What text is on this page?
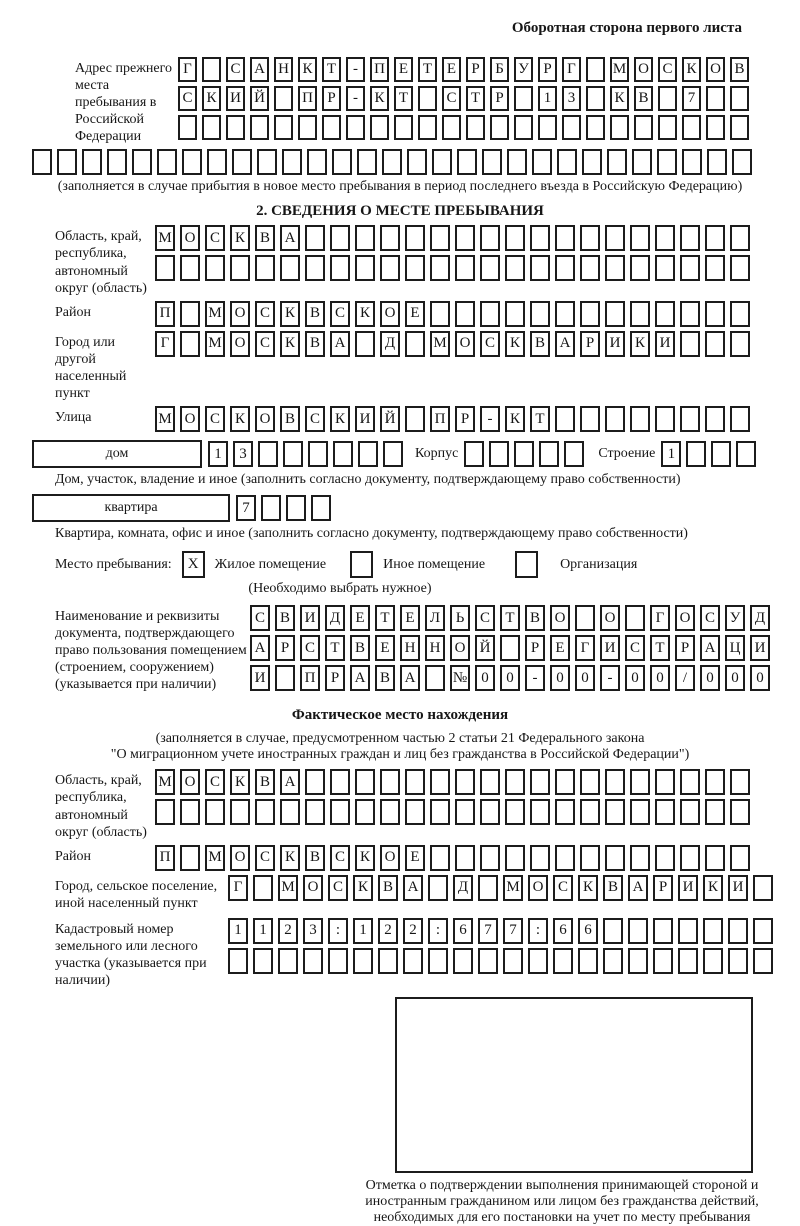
Оборотная сторона первого листа
Адрес прежнего места пребывания в Российской Федерации
Г	С А Н К Т	-	П Е Т Е	Р	Б У Р	Г	М О С К О В
С К И Й П Р	-	К Т	С Т	Р	1	3	К В	7
(заполняется в случае прибытия в новое место пребывания в период последнего въезда в Российскую Федерацию)
2. СВЕДЕНИЯ О МЕСТЕ ПРЕБЫВАНИЯ
Область, край, республика, автономный округ (область)
М О С К В А
Район	П	М О С К В С К О Е
Город или другой населенный пункт
Г	М О С К В А	Д	М О С К В А	Р	И К И
Улица	М О С К О В С К И Й	П	Р	-	К	Т
дом	1	3	Корпус	Строение 1
Дом, участок, владение и иное (заполнить согласно документу, подтверждающему право собственности)
квартира	7
Квартира, комната, офис и иное (заполнить согласно документу, подтверждающему право собственности)
Место пребывания:	X	Жилое помещение	Иное помещение	Организация
(Необходимо выбрать нужное)
Наименование и реквизиты документа, подтверждающего право пользования помещением (строением, сооружением) (указывается при наличии)
С В И Д	Е	Т	Е	Л	Ь	С	Т	В О	О	Г	О С У Д
А	Р	С	Т	В	Е	Н Н О Й	Р	Е	Г	И С	Т	Р	А Ц И
И	П	Р	А В А	№ 0	0	-	0	0	-	0	0	/	0	0	0
Фактическое место нахождения
(заполняется в случае, предусмотренном частью 2 статьи 21 Федерального закона
"О миграционном учете иностранных граждан и лиц без гражданства в Российской Федерации")
Область, край, республика, автономный округ (область)
М О С К В А
Район	П	М О С К В С К О Е
Город, сельское поселение, иной населенный пункт
Г	М О С К В А	Д	М О С К В А	Р	И К И
Кадастровый номер земельного или лесного участка (указывается при наличии)
1	1	2	3	:	1	2	2	:	6	7	7	:	6	6
Отметка о подтверждении выполнения принимающей стороной и иностранным гражданином или лицом без гражданства действий, необходимых для его постановки на учет по месту пребывания
